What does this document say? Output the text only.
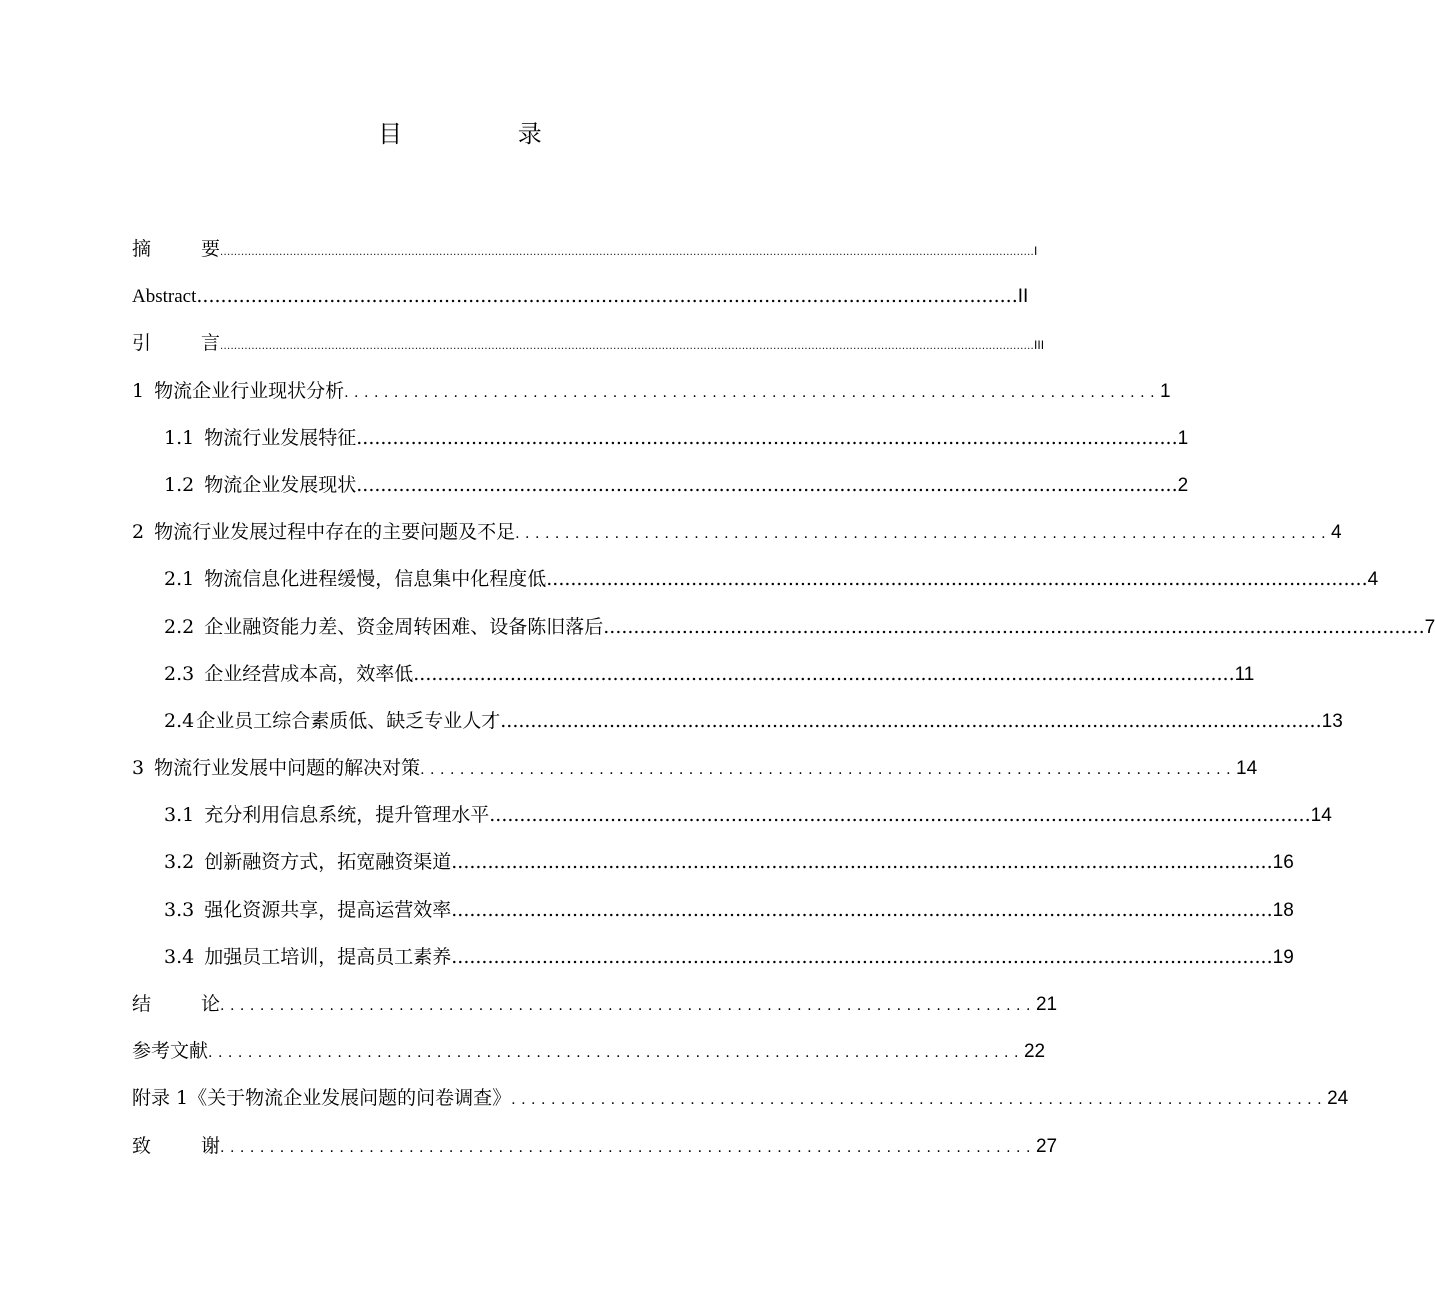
目 录
摘要
.......................................................................................................................................................................................................................................... I
Abstract ........................................................................................................................................ II
引言
.......................................................................................................................................................................................................................................... III
1 物流企业行业现状分析 .................................................................................. 1
1.1 物流行业发展特征 ........................................................................................................................................ 1
1.2 物流企业发展现状 ........................................................................................................................................ 2
2 物流行业发展过程中存在的主要问题及不足 .................................................................................. 4
2.1 物流信息化进程缓慢，信息集中化程度低 ........................................................................................................................................ 4
2.2 企业融资能力差、资金周转困难、设备陈旧落后 ........................................................................................................................................ 7
2.3 企业经营成本高，效率低 ........................................................................................................................................ 11
2.4 企业员工综合素质低、缺乏专业人才 ........................................................................................................................................ 13
3 物流行业发展中问题的解决对策 .................................................................................. 14
3.1 充分利用信息系统，提升管理水平 ........................................................................................................................................ 14
3.2 创新融资方式，拓宽融资渠道 ........................................................................................................................................ 16
3.3 强化资源共享，提高运营效率 ........................................................................................................................................ 18
3.4 加强员工培训，提高员工素养 ........................................................................................................................................ 19
结论
.................................................................................. 21
参考文献 .................................................................................. 22
附录 1《关于物流企业发展问题的问卷调查》 .................................................................................. 24
致谢
.................................................................................. 27
